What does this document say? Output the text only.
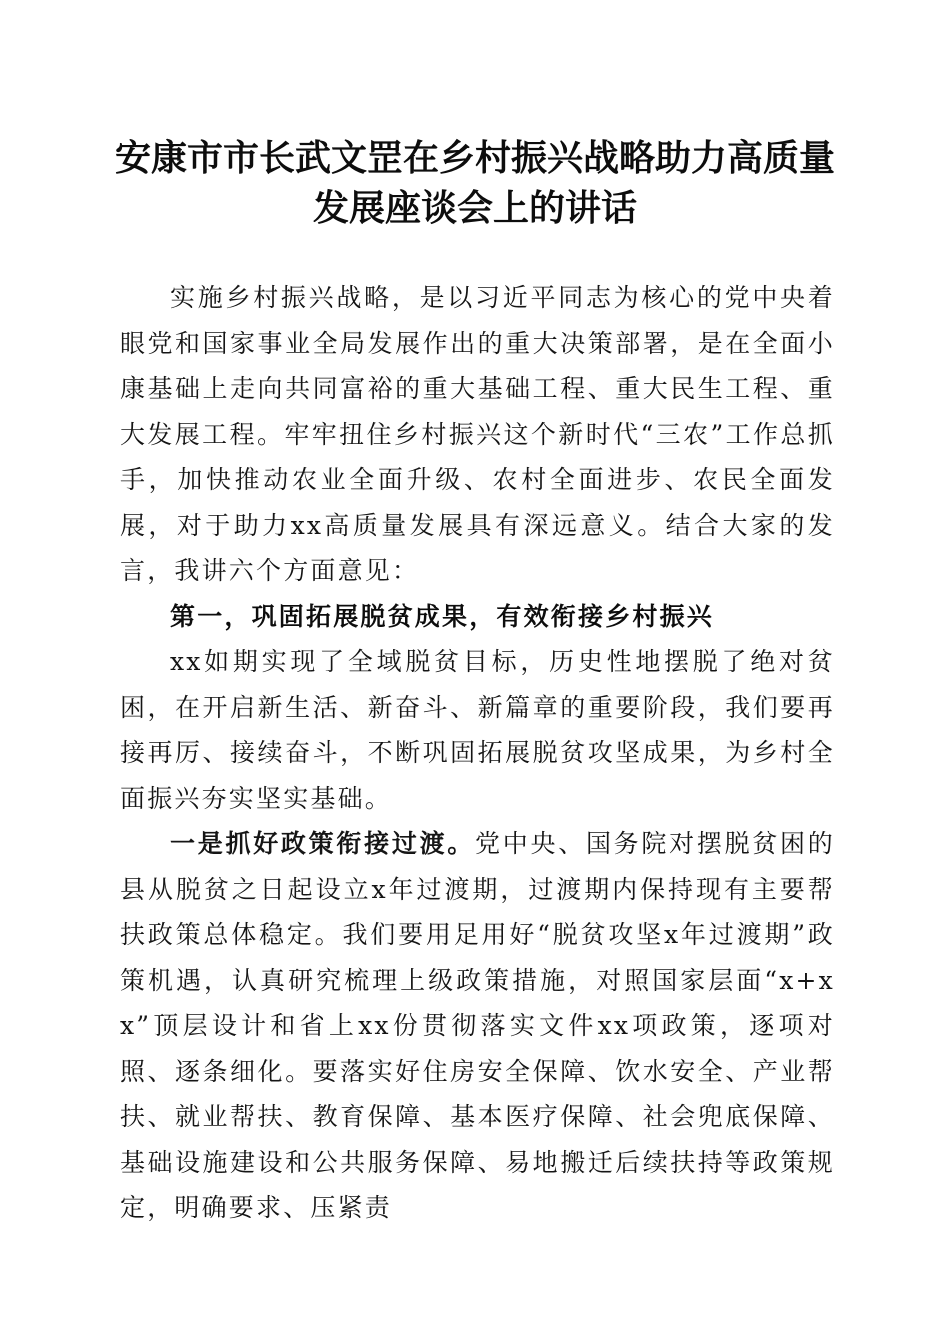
安康市市长武文罡在乡村振兴战略助力高质量
发展座谈会上的讲话

实施乡村振兴战略，是以习近平同志为核心的党中央着眼党和国家事业全局发展作出的重大决策部署，是在全面小康基础上走向共同富裕的重大基础工程、重大民生工程、重大发展工程。牢牢扭住乡村振兴这个新时代“三农”工作总抓手，加快推动农业全面升级、农村全面进步、农民全面发展，对于助力xx高质量发展具有深远意义。结合大家的发言，我讲六个方面意见：

第一，巩固拓展脱贫成果，有效衔接乡村振兴

xx如期实现了全域脱贫目标，历史性地摆脱了绝对贫困，在开启新生活、新奋斗、新篇章的重要阶段，我们要再接再厉、接续奋斗，不断巩固拓展脱贫攻坚成果，为乡村全面振兴夯实坚实基础。

一是抓好政策衔接过渡。党中央、国务院对摆脱贫困的县从脱贫之日起设立x年过渡期，过渡期内保持现有主要帮扶政策总体稳定。我们要用足用好“脱贫攻坚x年过渡期”政策机遇，认真研究梳理上级政策措施，对照国家层面“x+xx”顶层设计和省上xx份贯彻落实文件xx项政策，逐项对照、逐条细化。要落实好住房安全保障、饮水安全、产业帮扶、就业帮扶、教育保障、基本医疗保障、社会兜底保障、基础设施建设和公共服务保障、易地搬迁后续扶持等政策规定，明确要求、压紧责
